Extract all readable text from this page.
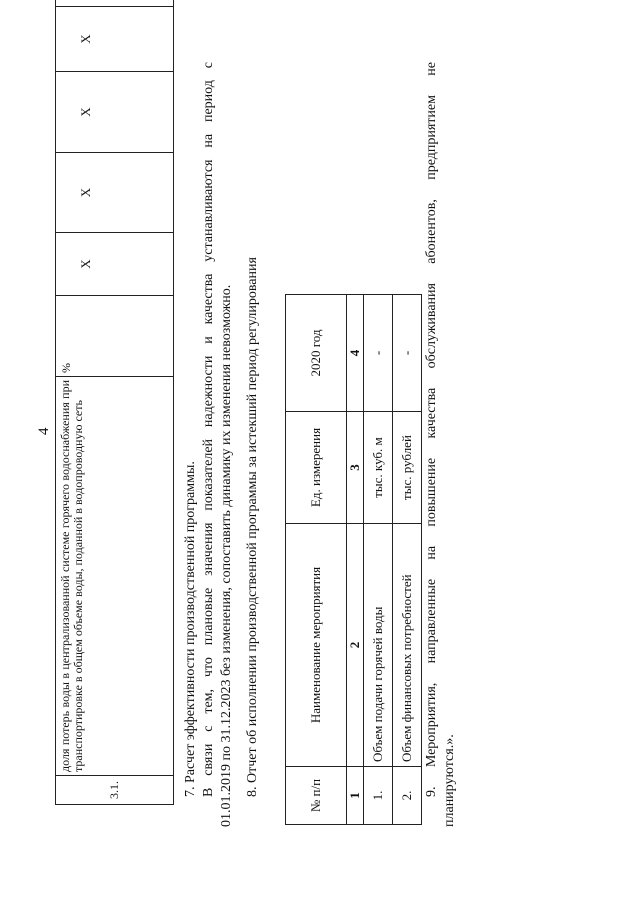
4
3.1.	доля потерь воды в централизованной системе горячего водоснабжения при транспортировке в общем объеме воды, поданной в водопроводную сеть	%	Х	Х	Х	Х	
7. Расчет эффективности производственной программы. В связи с тем, что плановые значения показателей надежности и качества устанавливаются на период с 01.01.2019 по 31.12.2023 без изменения, сопоставить динамику их изменения невозможно. 8. Отчет об исполнении производственной программы за истекший период регулирования	№ п/п	Наименование мероприятия	Ед. измерения	2020 год
1	2	3	4
1.	Объем подачи горячей воды	тыс. куб. м	-
2.	Объем финансовых потребностей	тыс. рублей	- 9. Мероприятия, направленные на повышение качества обслуживания абонентов, предприятием не планируются.».
